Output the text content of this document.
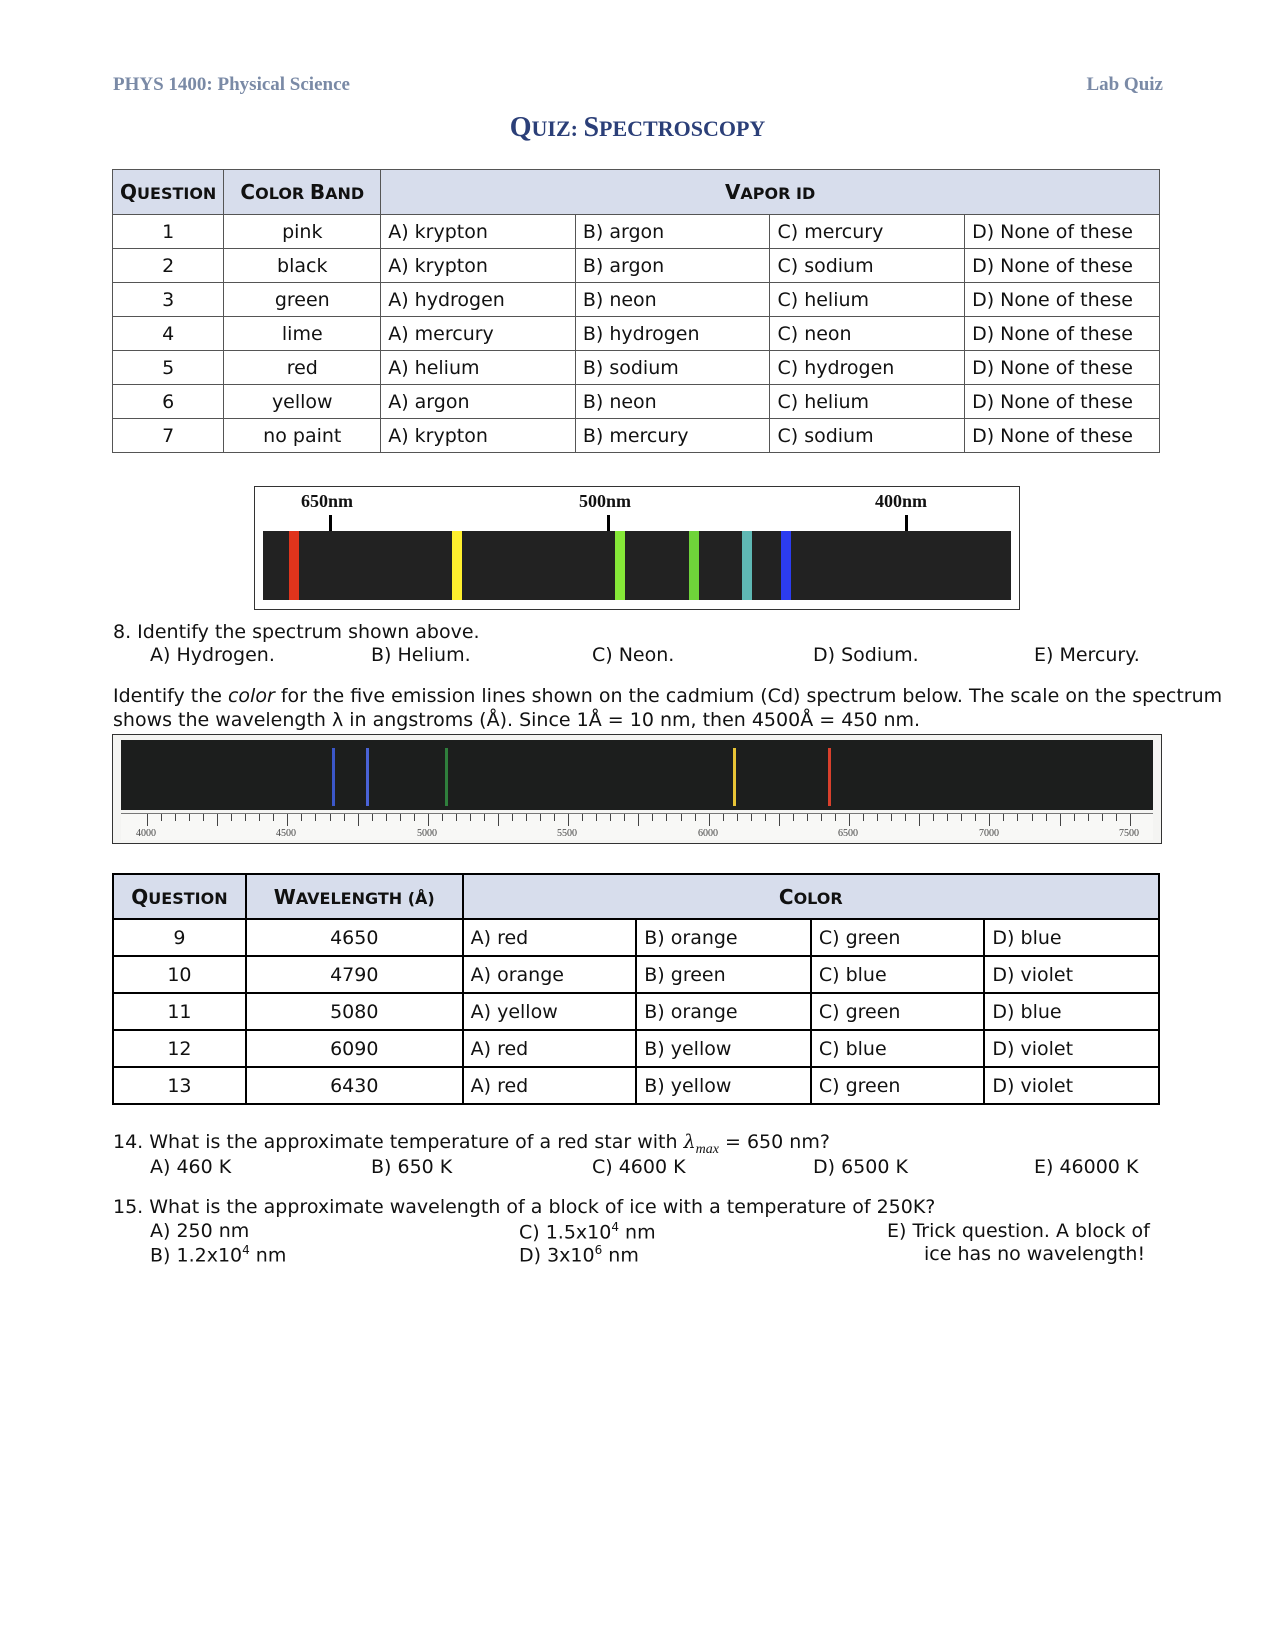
PHYS 1400: Physical Science	Lab Quiz
QUIZ: SPECTROSCOPY
QUESTION	COLOR BAND	VAPOR ID			
1	pink	A) krypton	B) argon	C) mercury	D) None of these
2	black	A) krypton	B) argon	C) sodium	D) None of these
3	green	A) hydrogen	B) neon	C) helium	D) None of these
4	lime	A) mercury	B) hydrogen	C) neon	D) None of these
5	red	A) helium	B) sodium	C) hydrogen	D) None of these
6	yellow	A) argon	B) neon	C) helium	D) None of these
7	no paint	A) krypton	B) mercury	C) sodium	D) None of these
650nm	500nm	400nm
8. Identify the spectrum shown above.
A) Hydrogen.	B) Helium.	C) Neon.	D) Sodium.	E) Mercury.
Identify the color for the five emission lines shown on the cadmium (Cd) spectrum below. The scale on the spectrum
shows the wavelength λ in angstroms (Å). Since 1Å = 10 nm, then 4500Å = 450 nm.
4000	4500	5000	5500	6000	6500	7000	7500
QUESTION	WAVELENGTH (Å)	COLOR			
9	4650	A) red	B) orange	C) green	D) blue
10	4790	A) orange	B) green	C) blue	D) violet
11	5080	A) yellow	B) orange	C) green	D) blue
12	6090	A) red	B) yellow	C) blue	D) violet
13	6430	A) red	B) yellow	C) green	D) violet
14. What is the approximate temperature of a red star with $\lambda_{max} = 650$ nm?
A) 460 K	B) 650 K	C) 4600 K	D) 6500 K	E) 46000 K
15. What is the approximate wavelength of a block of ice with a temperature of 250K?
A) 250 nm
B) $1.2x10^4$ nm
C) $1.5x10^4$ nm
D) $3x10^6$ nm
E) Trick question. A block of
ice has no wavelength!
